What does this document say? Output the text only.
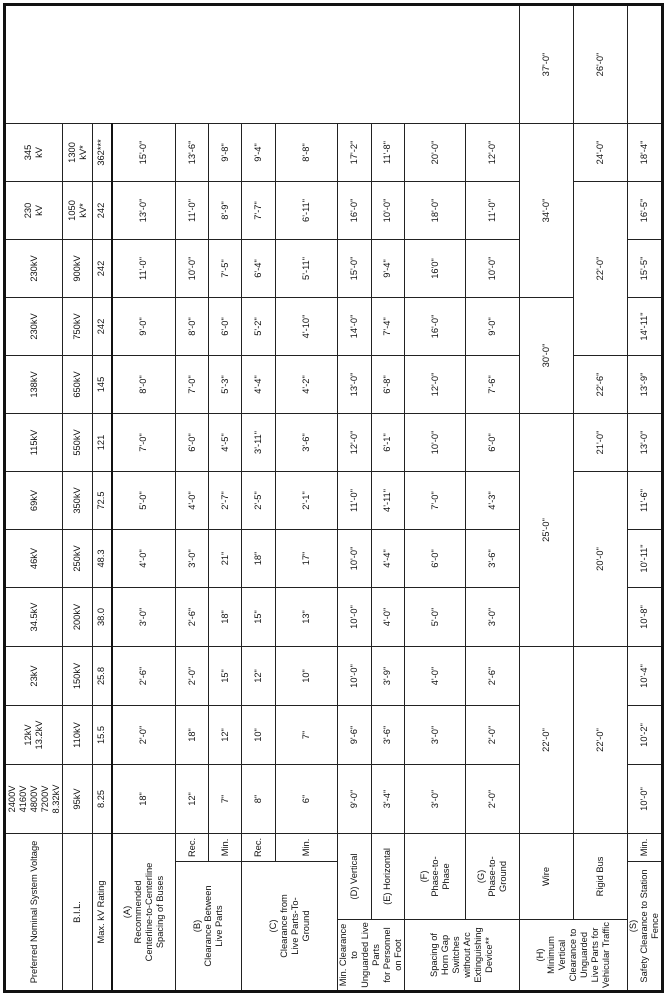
Preferred Nominal System Voltage			2400V 4160V 4800V 7200V 8.32kV	12kV 13.2kV	23kV	34.5kV	46kV	69kV	115kV	138kV	230kV	230kV	230 kV	345 kV	

B.I.L.			95kV	110kV	150kV	200kV	250kV	350kV	550kV	650kV	750kV	900kV	1050 kV*	1300 kV*	

Max. kV Rating			8.25	15.5	25.8	38.0	48.3	72.5	121	145	242	242	242	362***	

(A) Recommended Centerline-to-Centerline Spacing of Buses			18"	2'-0"	2'-6"	3'-0"	4'-0"	5'-0"	7'-0"	8'-0"	9'-0"	11'-0"	13'-0"	15'-0"	

(B) Clearance Between Live Parts		Rec.	12"	18"	2'-0"	2'-6"	3'-0"	4'-0"	6'-0"	7'-0"	8'-0"	10'-0"	11'-0"	13'-6"	

		Min.	7"	12"	15"	18"	21"	2'-7"	4'-5"	5'-3"	6'-0"	7'-5"	8'-9"	9'-8"	

(C) Clearance from Live Parts-To- Ground		Rec.	8"	10"	12"	15"	18"	2'-5"	3'-11"	4'-4"	5'-2"	6'-4"	7'-7"	9'-4"	

		Min.	6"	7"	10"	13"	17"	2'-1"	3'-6"	4'-2"	4'-10"	5'-11"	6'-11"	8'-8"	

Min. Clearance to Unguarded Live Parts for Personnel on Foot	(D) Vertical		9'-0"	9'-6"	10'-0"	10'-0"	10'-0"	11'-0"	12'-0"	13'-0"	14'-0"	15'-0"	16'-0"	17'-2"	

	(E) Horizontal		3'-4"	3'-6"	3'-9"	4'-0"	4'-4"	4'-11"	6'-1"	6'-8"	7'-4"	9'-4"	10'-0"	11'-8"	

Spacing of Horn Gap Switches without Arc Extinguishing Device**	(F) Phase-to- Phase		3'-0"	3'-0"	4'-0"	5'-0"	6'-0"	7'-0"	10'-0"	12'-0"	16'-0"	16'0"	18'-0"	20'-0"	

	(G) Phase-to- Ground		2'-0"	2'-0"	2'-6"	3'-0"	3'-6"	4'-3"	6'-0"	7'-6"	9'-0"	10'-0"	11'-0"	12'-0"	

(H) Minimum Vertical Clearance to Unguarded Live Parts for Vehicular Traffic	Wire		22'-0"			25'-0"				30'-0"		34'-0"			37'-0"

	Rigid Bus		22'-0"			20'-0"			21'-0"	22'-6"	22'-0"			24'-0"	26'-0"

(S) Safety Clearance to Station Fence		Min.	10'-0"	10'-2"	10'-4"	10'-8"	10'-11"	11'-6"	13'-0"	13'-9"	14'-11"	15'-5"	16'-5"	18'-4"	
